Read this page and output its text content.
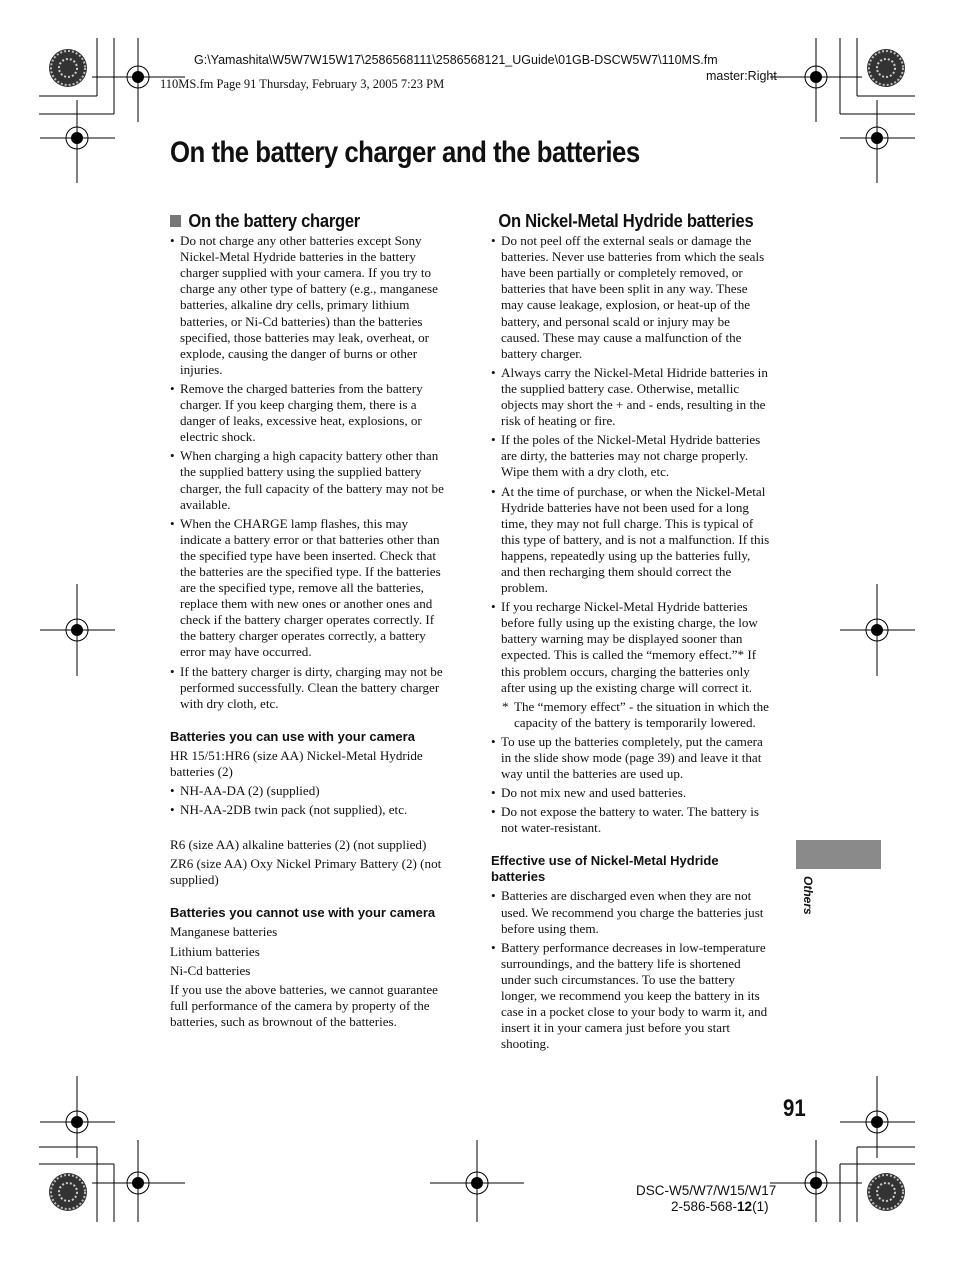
G:\Yamashita\W5W7W15W17\2586568111\2586568121_UGuide\01GB-DSCW5W7\110MS.fm
master:Right
110MS.fm Page 91 Thursday, February 3, 2005 7:23 PM
On the battery charger and the batteries
On the battery charger
• Do not charge any other batteries except Sony Nickel-Metal Hydride batteries in the battery charger supplied with your camera. If you try to charge any other type of battery (e.g., manganese batteries, alkaline dry cells, primary lithium batteries, or Ni-Cd batteries) than the batteries specified, those batteries may leak, overheat, or explode, causing the danger of burns or other injuries.
• Remove the charged batteries from the battery charger. If you keep charging them, there is a danger of leaks, excessive heat, explosions, or electric shock.
• When charging a high capacity battery other than the supplied battery using the supplied battery charger, the full capacity of the battery may not be available.
• When the CHARGE lamp flashes, this may indicate a battery error or that batteries other than the specified type have been inserted. Check that the batteries are the specified type. If the batteries are the specified type, remove all the batteries, replace them with new ones or another ones and check if the battery charger operates correctly. If the battery charger operates correctly, a battery error may have occurred.
• If the battery charger is dirty, charging may not be performed successfully. Clean the battery charger with dry cloth, etc.
Batteries you can use with your camera

HR 15/51:HR6 (size AA) Nickel-Metal Hydride batteries (2)

• NH-AA-DA (2) (supplied)
• NH-AA-2DB twin pack (not supplied), etc.

R6 (size AA) alkaline batteries (2) (not supplied)

ZR6 (size AA) Oxy Nickel Primary Battery (2) (not supplied)

Batteries you cannot use with your camera

Manganese batteries

Lithium batteries

Ni-Cd batteries

If you use the above batteries, we cannot guarantee full performance of the camera by property of the batteries, such as brownout of the batteries.

On Nickel-Metal Hydride batteries
• Do not peel off the external seals or damage the batteries. Never use batteries from which the seals have been partially or completely removed, or batteries that have been split in any way. These may cause leakage, explosion, or heat-up of the battery, and personal scald or injury may be caused. These may cause a malfunction of the battery charger.
• Always carry the Nickel-Metal Hidride batteries in the supplied battery case. Otherwise, metallic objects may short the + and - ends, resulting in the risk of heating or fire.
• If the poles of the Nickel-Metal Hydride batteries are dirty, the batteries may not charge properly. Wipe them with a dry cloth, etc.
• At the time of purchase, or when the Nickel-Metal Hydride batteries have not been used for a long time, they may not full charge. This is typical of this type of battery, and is not a malfunction. If this happens, repeatedly using up the batteries fully, and then recharging them should correct the problem.
• If you recharge Nickel-Metal Hydride batteries before fully using up the existing charge, the low battery warning may be displayed sooner than expected. This is called the “memory effect.”* If this problem occurs, charging the batteries only after using up the existing charge will correct it.
* The “memory effect” - the situation in which the capacity of the battery is temporarily lowered.
• To use up the batteries completely, put the camera in the slide show mode (page 39) and leave it that way until the batteries are used up.
• Do not mix new and used batteries.
• Do not expose the battery to water. The battery is not water-resistant.
Effective use of Nickel-Metal Hydride batteries
• Batteries are discharged even when they are not used. We recommend you charge the batteries just before using them.
• Battery performance decreases in low-temperature surroundings, and the battery life is shortened under such circumstances. To use the battery longer, we recommend you keep the battery in its case in a pocket close to your body to warm it, and insert it in your camera just before you start shooting.
Others
91
DSC-W5/W7/W15/W17
2-586-568-12(1)
